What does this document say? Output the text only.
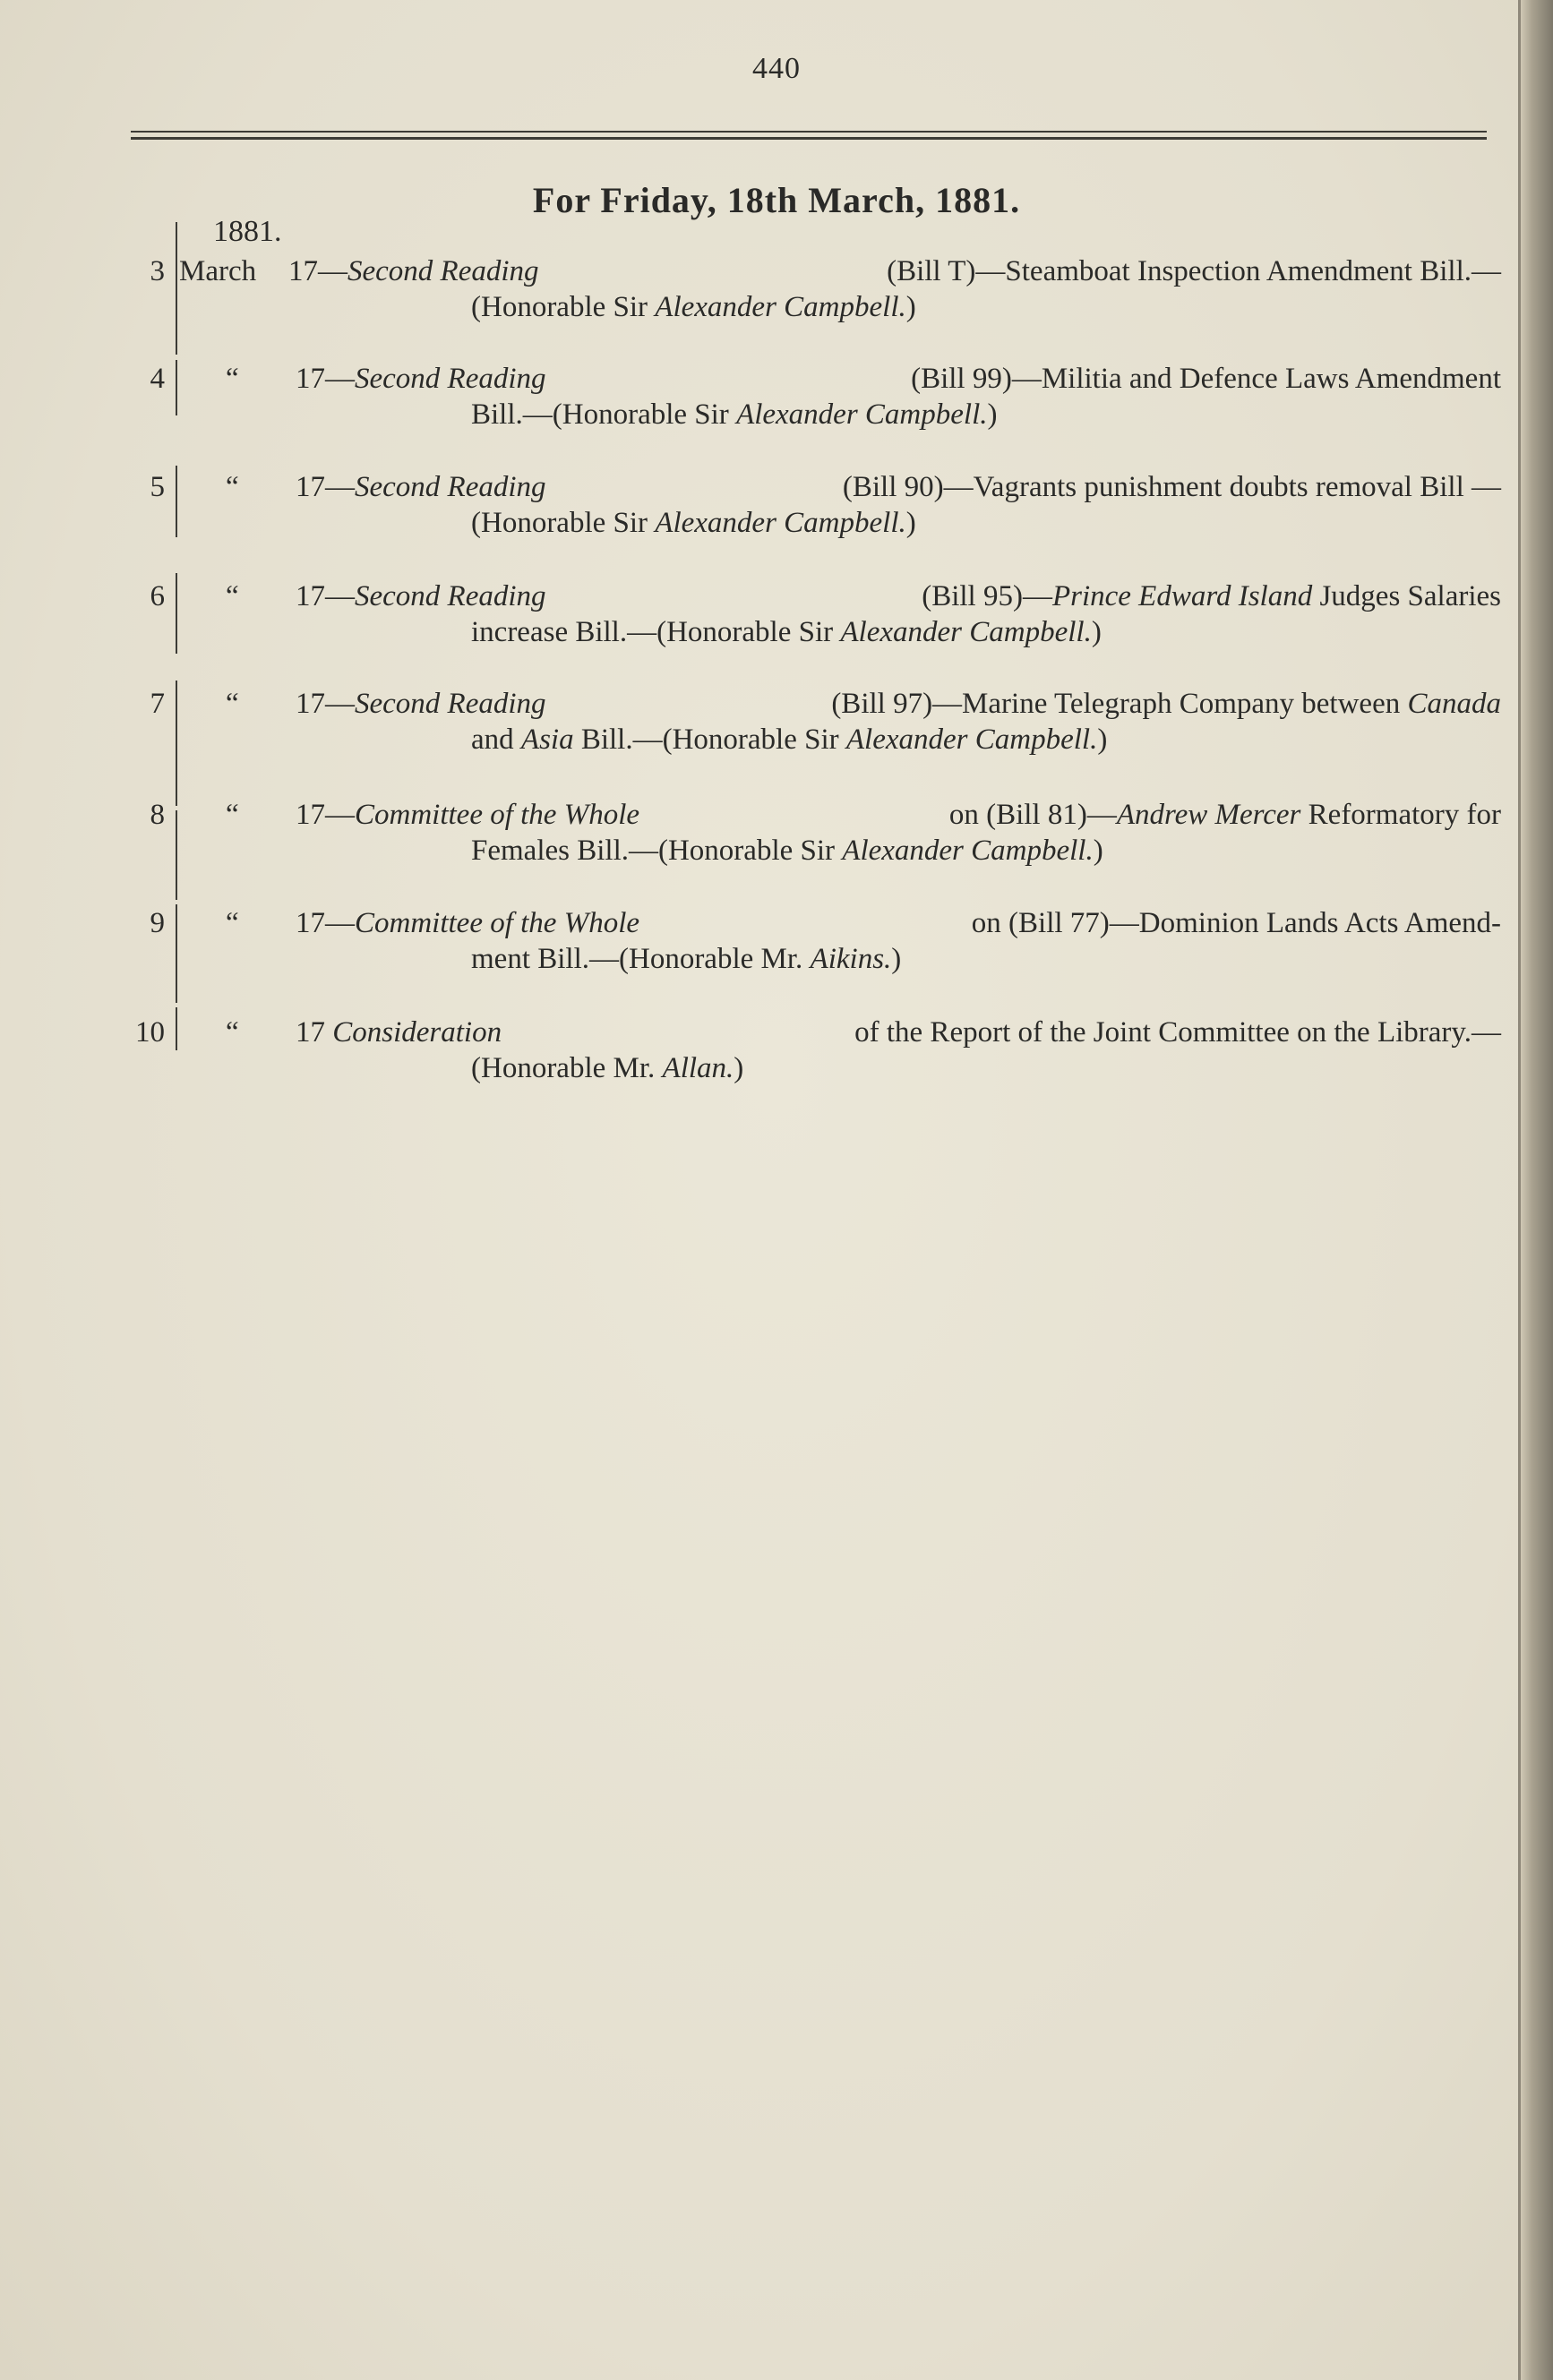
440
For Friday, 18th March, 1881.
1881.
3 March 17—Second Reading	(Bill T)—Steamboat Inspection Amendment Bill.—
(Honorable Sir Alexander Campbell.)
4 “ 17—Second Reading	(Bill 99)—Militia and Defence Laws Amendment
Bill.—(Honorable Sir Alexander Campbell.)
5 “ 17—Second Reading	(Bill 90)—Vagrants punishment doubts removal Bill —
(Honorable Sir Alexander Campbell.)
6 “ 17—Second Reading	(Bill 95)—Prince Edward Island Judges Salaries
increase Bill.—(Honorable Sir Alexander Campbell.)
7 “ 17—Second Reading	(Bill 97)—Marine Telegraph Company between Canada
and Asia Bill.—(Honorable Sir Alexander Campbell.)
8 “ 17—Committee of the Whole	on (Bill 81)—Andrew Mercer Reformatory for
Females Bill.—(Honorable Sir Alexander Campbell.)
9 “ 17—Committee of the Whole	on (Bill 77)—Dominion Lands Acts Amend-
ment Bill.—(Honorable Mr. Aikins.)
10 “ 17 Consideration	of the Report of the Joint Committee on the Library.—
(Honorable Mr. Allan.)
